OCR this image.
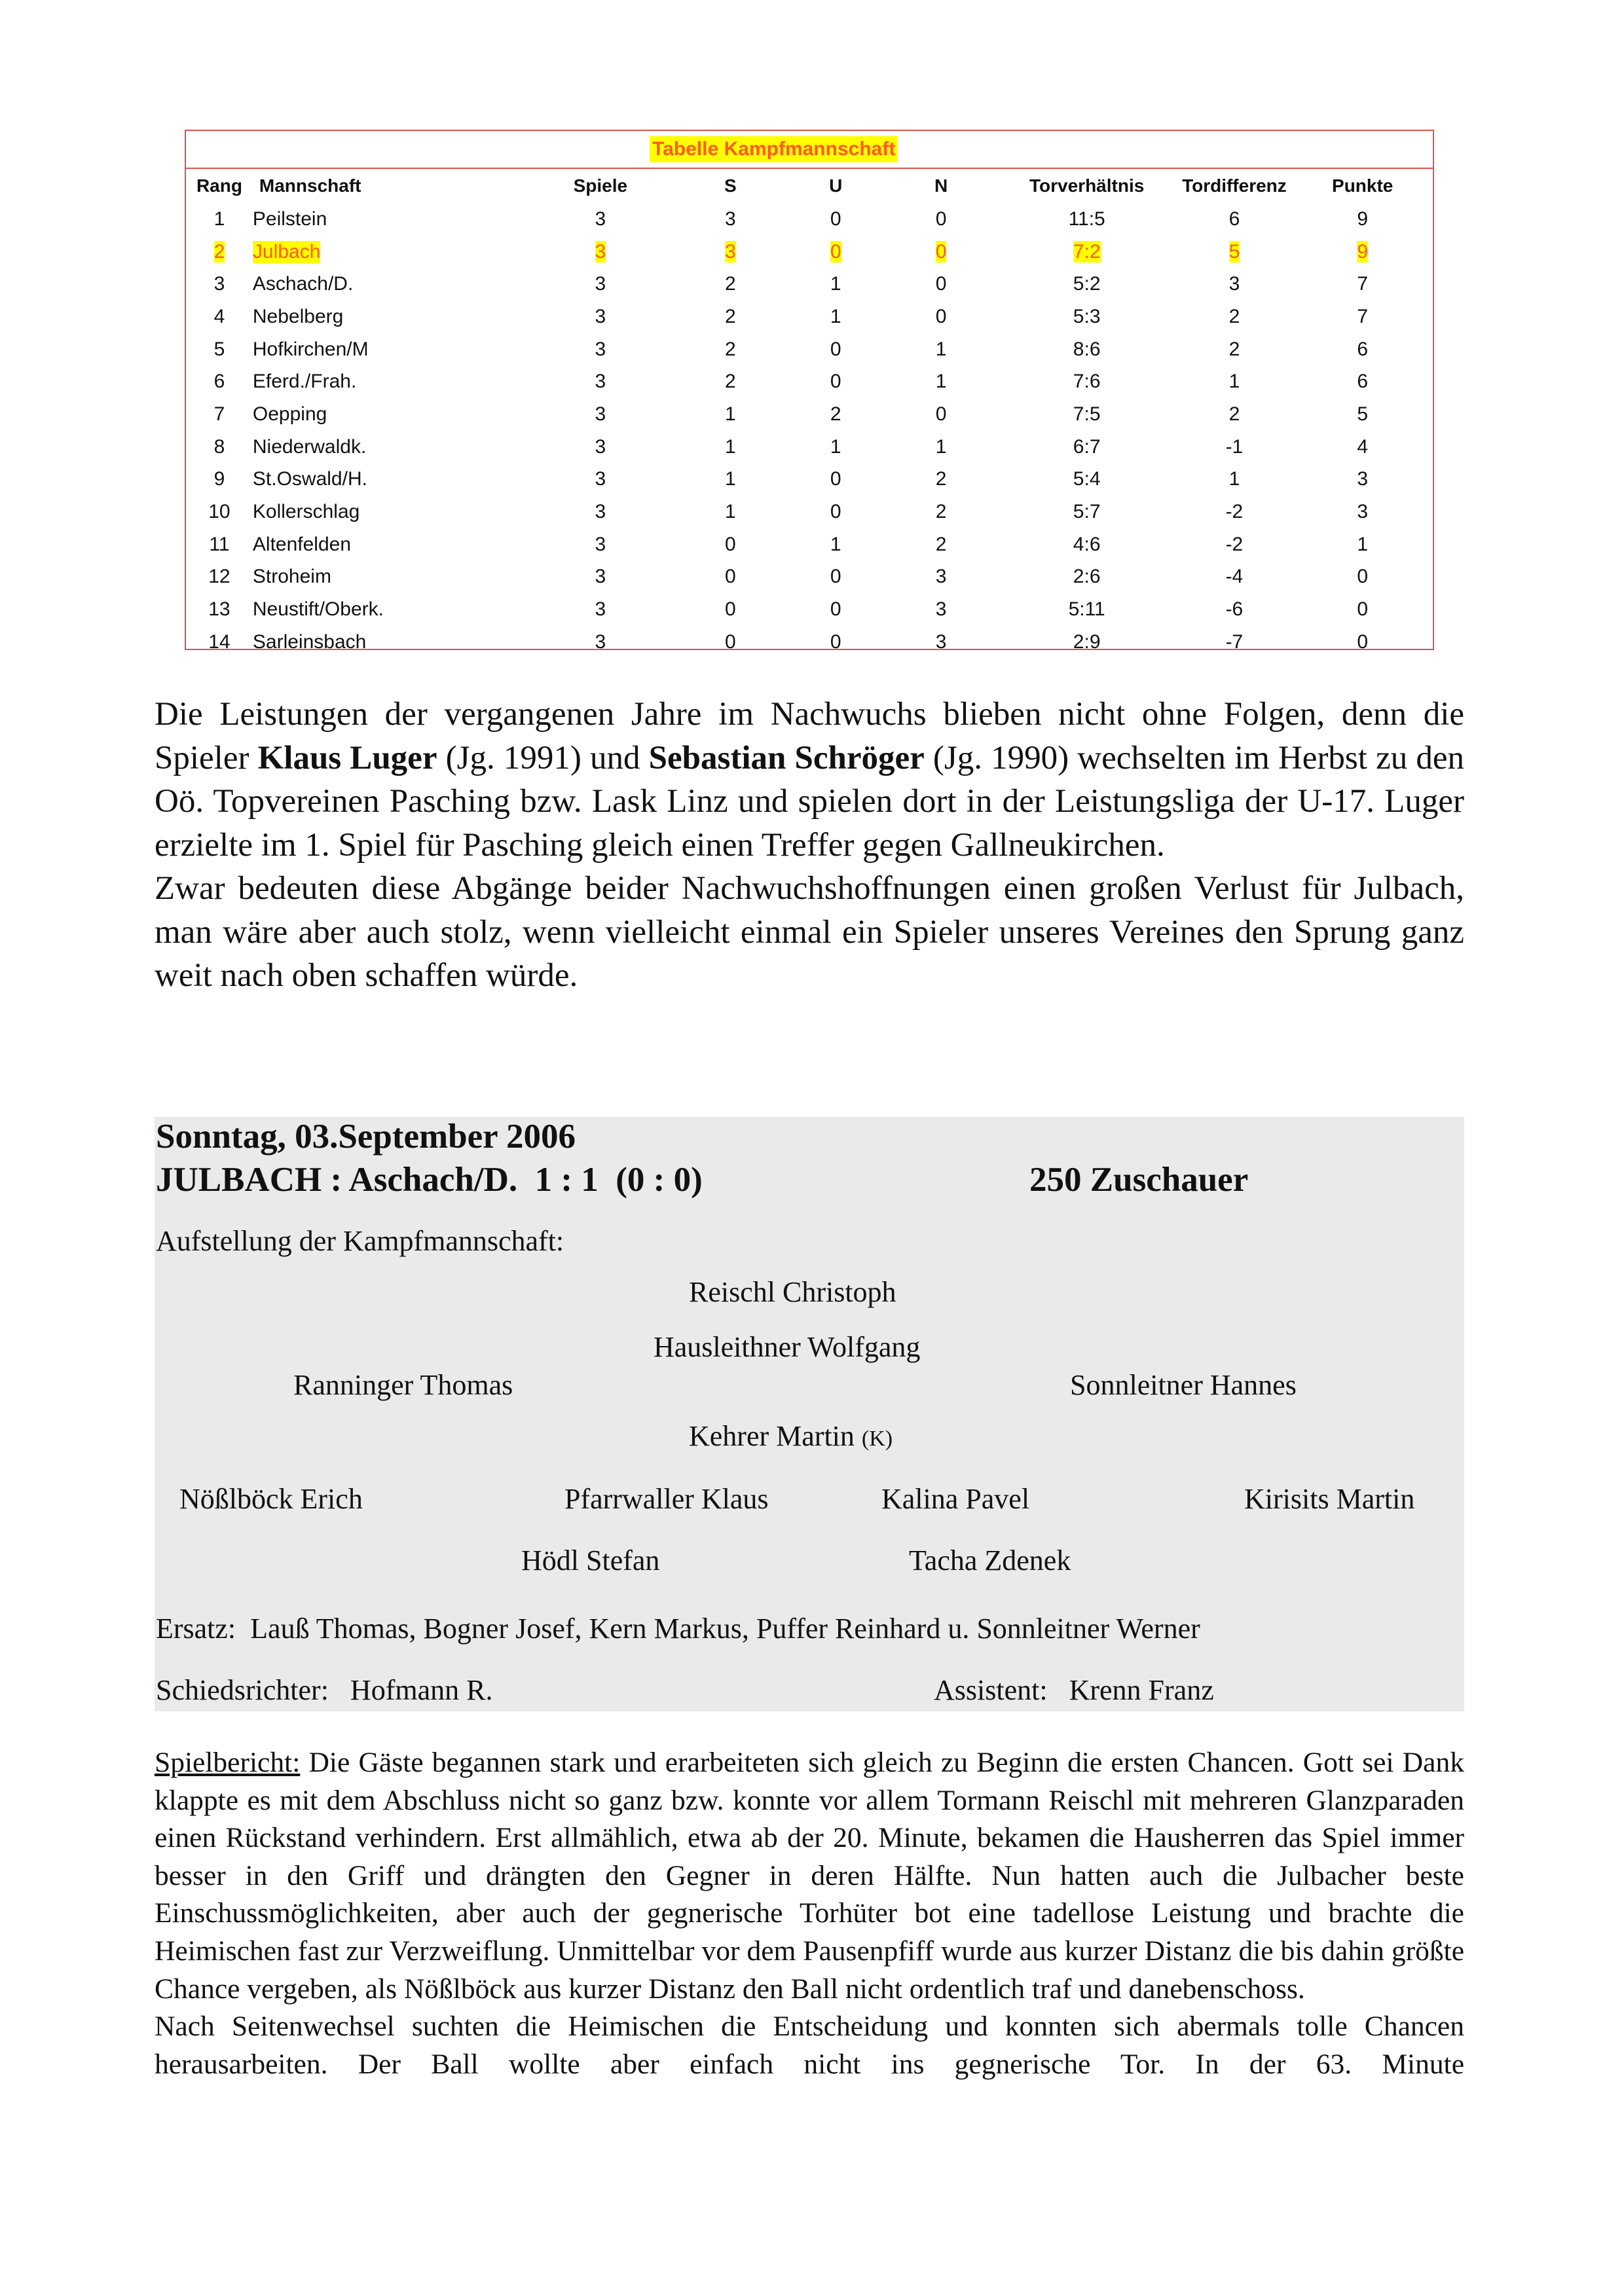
Tabelle Kampfmannschaft
Rang	Mannschaft	Spiele	S	U	N	Torverhältnis	Tordifferenz	Punkte
1	Peilstein	3	3	0	0	11:5	6	9
2	Julbach	3	3	0	0	7:2	5	9
3	Aschach/D.	3	2	1	0	5:2	3	7
4	Nebelberg	3	2	1	0	5:3	2	7
5	Hofkirchen/M	3	2	0	1	8:6	2	6
6	Eferd./Frah.	3	2	0	1	7:6	1	6
7	Oepping	3	1	2	0	7:5	2	5
8	Niederwaldk.	3	1	1	1	6:7	-1	4
9	St.Oswald/H.	3	1	0	2	5:4	1	3
10	Kollerschlag	3	1	0	2	5:7	-2	3
11	Altenfelden	3	0	1	2	4:6	-2	1
12	Stroheim	3	0	0	3	2:6	-4	0
13	Neustift/Oberk.	3	0	0	3	5:11	-6	0
14	Sarleinsbach	3	0	0	3	2:9	-7	0

Die Leistungen der vergangenen Jahre im Nachwuchs blieben nicht ohne Folgen, denn die Spieler Klaus Luger (Jg. 1991) und Sebastian Schröger (Jg. 1990) wechselten im Herbst zu den Oö. Topvereinen Pasching bzw. Lask Linz und spielen dort in der Leistungsliga der U-17. Luger erzielte im 1. Spiel für Pasching gleich einen Treffer gegen Gallneukirchen.

Zwar bedeuten diese Abgänge beider Nachwuchshoffnungen einen großen Verlust für Julbach, man wäre aber auch stolz, wenn vielleicht einmal ein Spieler unseres Vereines den Sprung ganz weit nach oben schaffen würde.

Sonntag, 03.September 2006
JULBACH : Aschach/D.  1 : 1  (0 : 0)	250 Zuschauer
Aufstellung der Kampfmannschaft:
Reischl Christoph
Hausleithner Wolfgang
Ranninger Thomas	Sonnleitner Hannes
Kehrer Martin (K)
Nößlböck Erich	Pfarrwaller Klaus	Kalina Pavel	Kirisits Martin
Hödl Stefan	Tacha Zdenek
Ersatz: Lauß Thomas, Bogner Josef, Kern Markus, Puffer Reinhard u. Sonnleitner Werner
Schiedsrichter: Hofmann R.	Assistent: Krenn Franz

Spielbericht: Die Gäste begannen stark und erarbeiteten sich gleich zu Beginn die ersten Chancen. Gott sei Dank klappte es mit dem Abschluss nicht so ganz bzw. konnte vor allem Tormann Reischl mit mehreren Glanzparaden einen Rückstand verhindern. Erst allmählich, etwa ab der 20. Minute, bekamen die Hausherren das Spiel immer besser in den Griff und drängten den Gegner in deren Hälfte. Nun hatten auch die Julbacher beste Einschussmöglichkeiten, aber auch der gegnerische Torhüter bot eine tadellose Leistung und brachte die Heimischen fast zur Verzweiflung. Unmittelbar vor dem Pausenpfiff wurde aus kurzer Distanz die bis dahin größte Chance vergeben, als Nößlböck aus kurzer Distanz den Ball nicht ordentlich traf und danebenschoss.

Nach Seitenwechsel suchten die Heimischen die Entscheidung und konnten sich abermals tolle Chancen herausarbeiten. Der Ball wollte aber einfach nicht ins gegnerische Tor. In der 63. Minute
